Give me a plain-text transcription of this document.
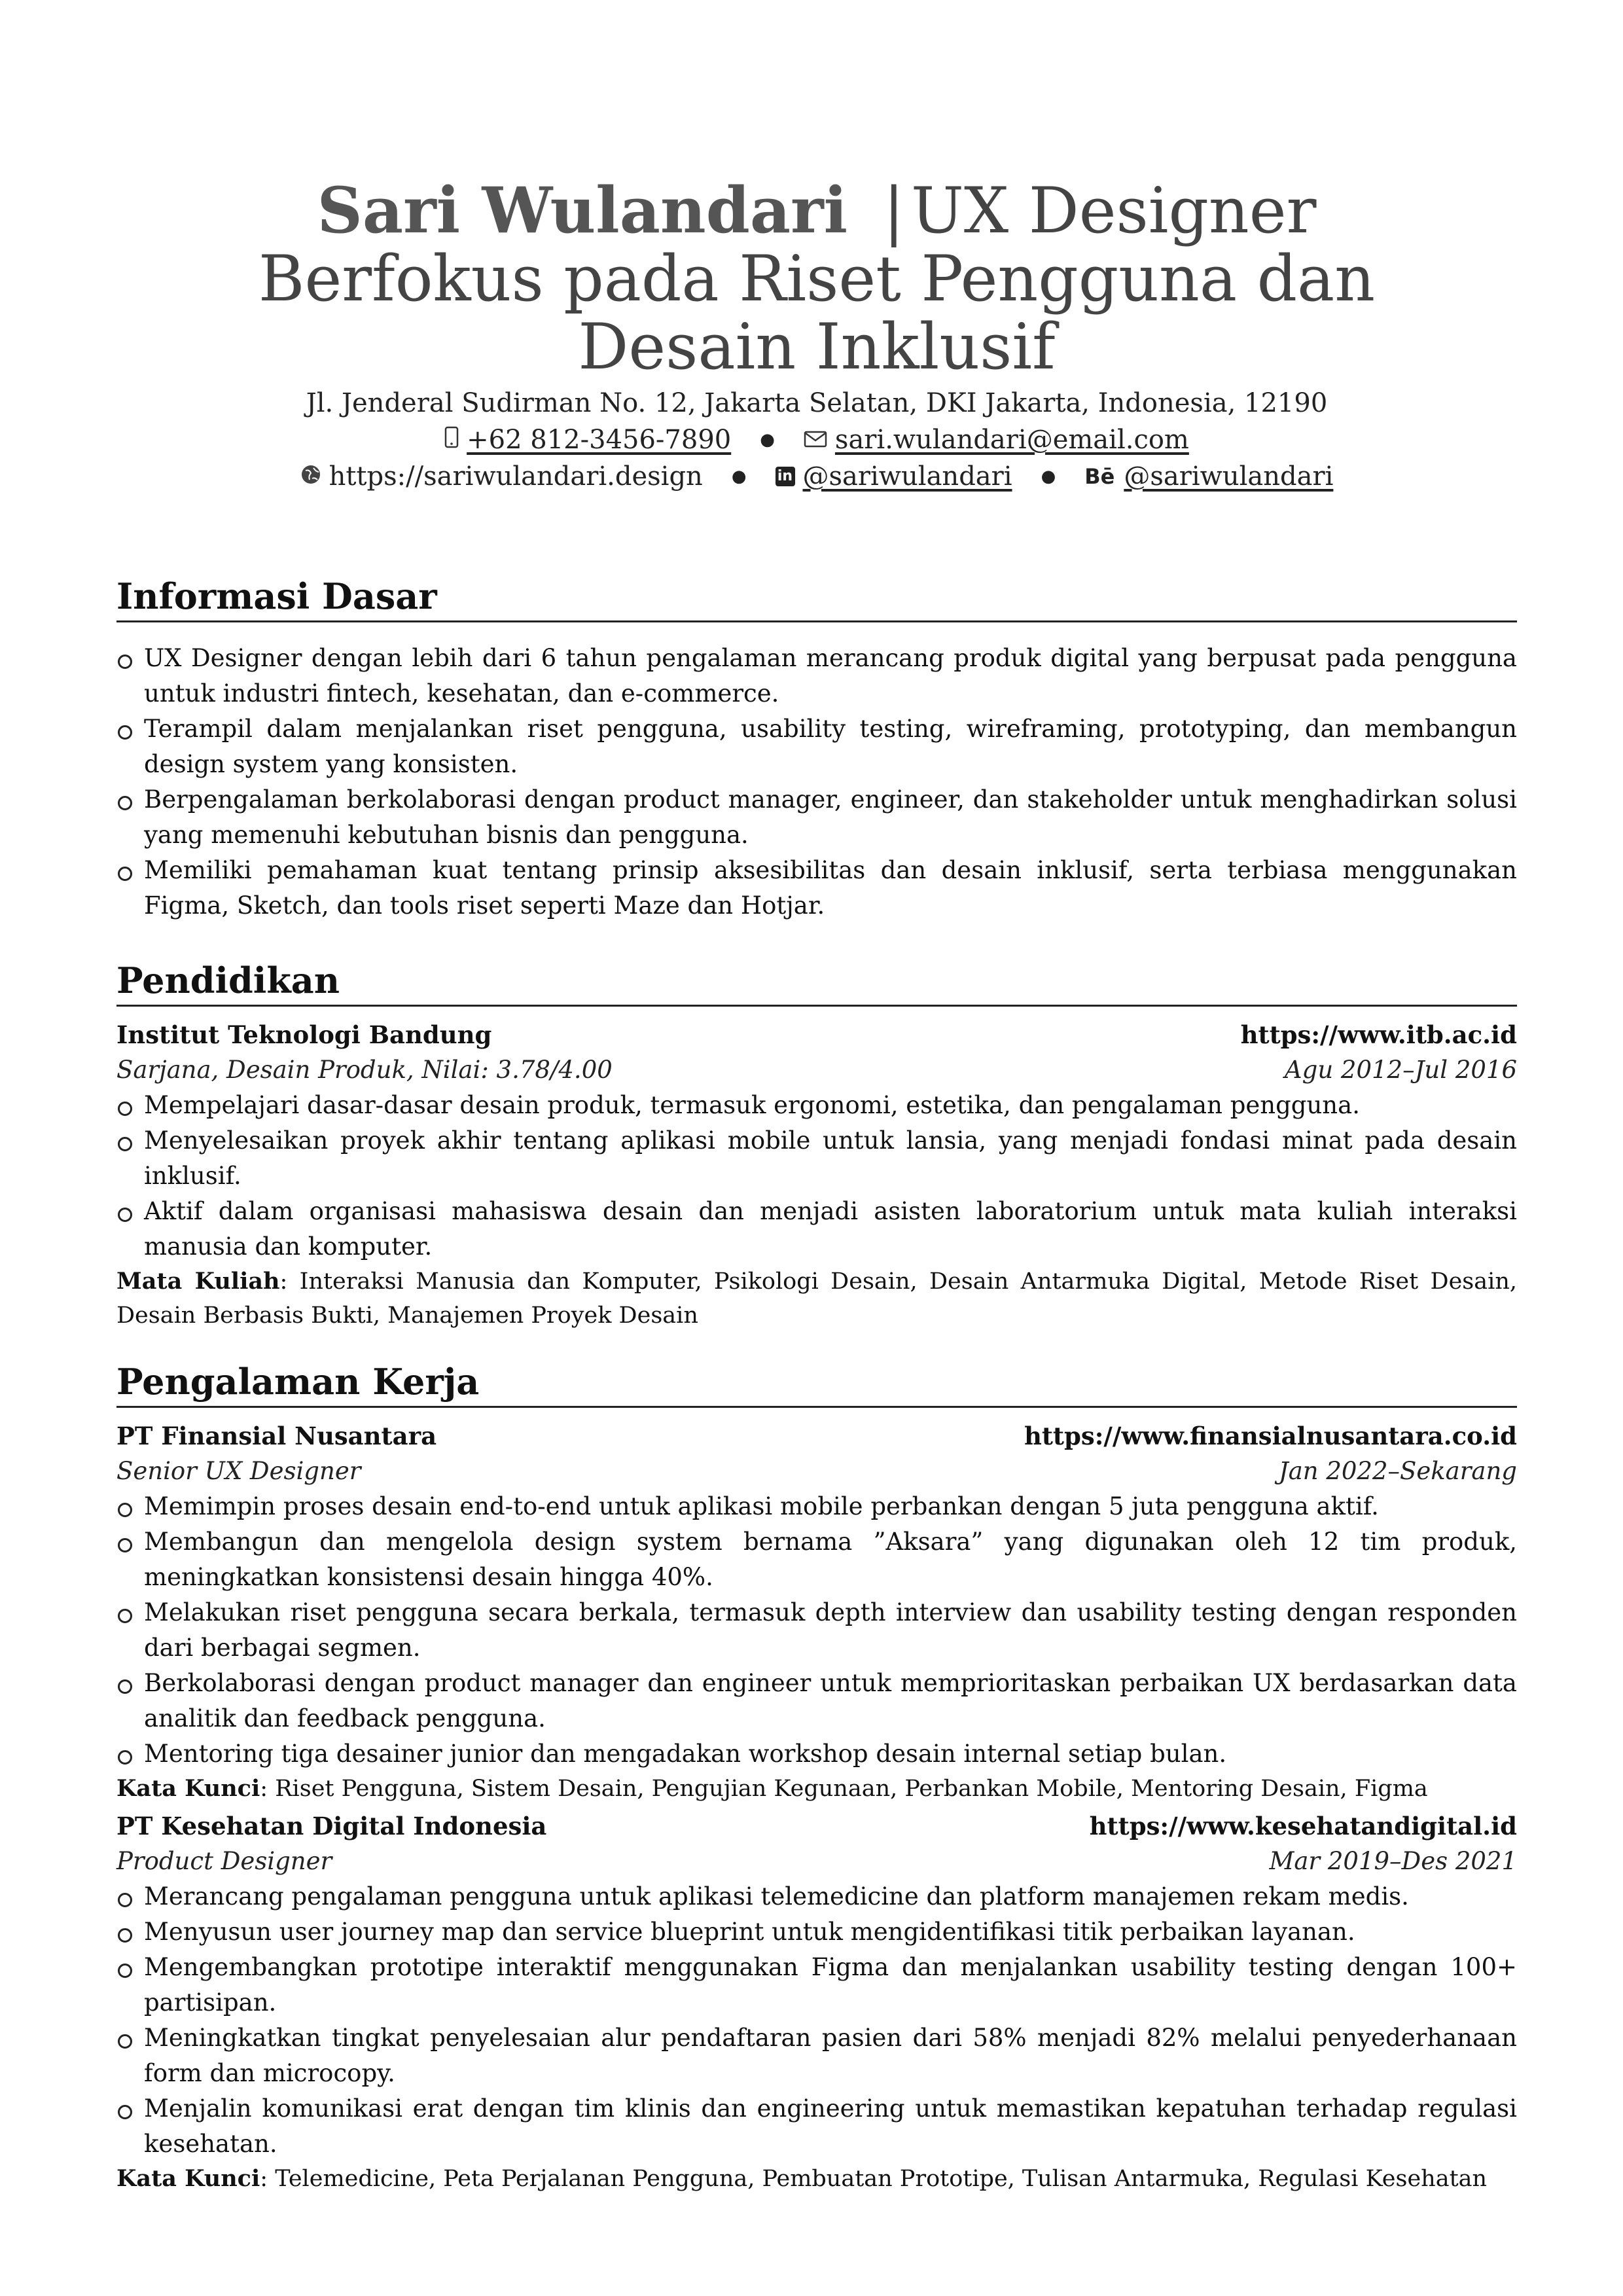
Sari Wulandari | UX Designer
Berfokus pada Riset Pengguna dan
Desain Inklusif
Jl. Jenderal Sudirman No. 12, Jakarta Selatan, DKI Jakarta, Indonesia, 12190
+62 812-3456-7890 ● sari.wulandari@email.com
https://sariwulandari.design ● in @sariwulandari ● Bē @sariwulandari
Informasi Dasar
UX Designer dengan lebih dari 6 tahun pengalaman merancang produk digital yang berpusat pada pengguna untuk industri fintech, kesehatan, dan e-commerce.
Terampil dalam menjalankan riset pengguna, usability testing, wireframing, prototyping, dan membangun design system yang konsisten.
Berpengalaman berkolaborasi dengan product manager, engineer, dan stakeholder untuk menghadirkan solusi yang memenuhi kebutuhan bisnis dan pengguna.
Memiliki pemahaman kuat tentang prinsip aksesibilitas dan desain inklusif, serta terbiasa menggunakan Figma, Sketch, dan tools riset seperti Maze dan Hotjar.
Pendidikan
Institut Teknologi Bandung	https://www.itb.ac.id
Sarjana, Desain Produk, Nilai: 3.78/4.00	Agu 2012–Jul 2016
Mempelajari dasar-dasar desain produk, termasuk ergonomi, estetika, dan pengalaman pengguna.
Menyelesaikan proyek akhir tentang aplikasi mobile untuk lansia, yang menjadi fondasi minat pada desain inklusif.
Aktif dalam organisasi mahasiswa desain dan menjadi asisten laboratorium untuk mata kuliah interaksi manusia dan komputer.
Mata Kuliah: Interaksi Manusia dan Komputer, Psikologi Desain, Desain Antarmuka Digital, Metode Riset Desain, Desain Berbasis Bukti, Manajemen Proyek Desain
Pengalaman Kerja
PT Finansial Nusantara	https://www.finansialnusantara.co.id
Senior UX Designer	Jan 2022–Sekarang
Memimpin proses desain end-to-end untuk aplikasi mobile perbankan dengan 5 juta pengguna aktif.
Membangun dan mengelola design system bernama ”Aksara” yang digunakan oleh 12 tim produk, meningkatkan konsistensi desain hingga 40%.
Melakukan riset pengguna secara berkala, termasuk depth interview dan usability testing dengan responden dari berbagai segmen.
Berkolaborasi dengan product manager dan engineer untuk memprioritaskan perbaikan UX berdasarkan data analitik dan feedback pengguna.
Mentoring tiga desainer junior dan mengadakan workshop desain internal setiap bulan.
Kata Kunci: Riset Pengguna, Sistem Desain, Pengujian Kegunaan, Perbankan Mobile, Mentoring Desain, Figma
PT Kesehatan Digital Indonesia	https://www.kesehatandigital.id
Product Designer	Mar 2019–Des 2021
Merancang pengalaman pengguna untuk aplikasi telemedicine dan platform manajemen rekam medis.
Menyusun user journey map dan service blueprint untuk mengidentifikasi titik perbaikan layanan.
Mengembangkan prototipe interaktif menggunakan Figma dan menjalankan usability testing dengan 100+ partisipan.
Meningkatkan tingkat penyelesaian alur pendaftaran pasien dari 58% menjadi 82% melalui penyederhanaan form dan microcopy.
Menjalin komunikasi erat dengan tim klinis dan engineering untuk memastikan kepatuhan terhadap regulasi kesehatan.
Kata Kunci: Telemedicine, Peta Perjalanan Pengguna, Pembuatan Prototipe, Tulisan Antarmuka, Regulasi Kesehatan
